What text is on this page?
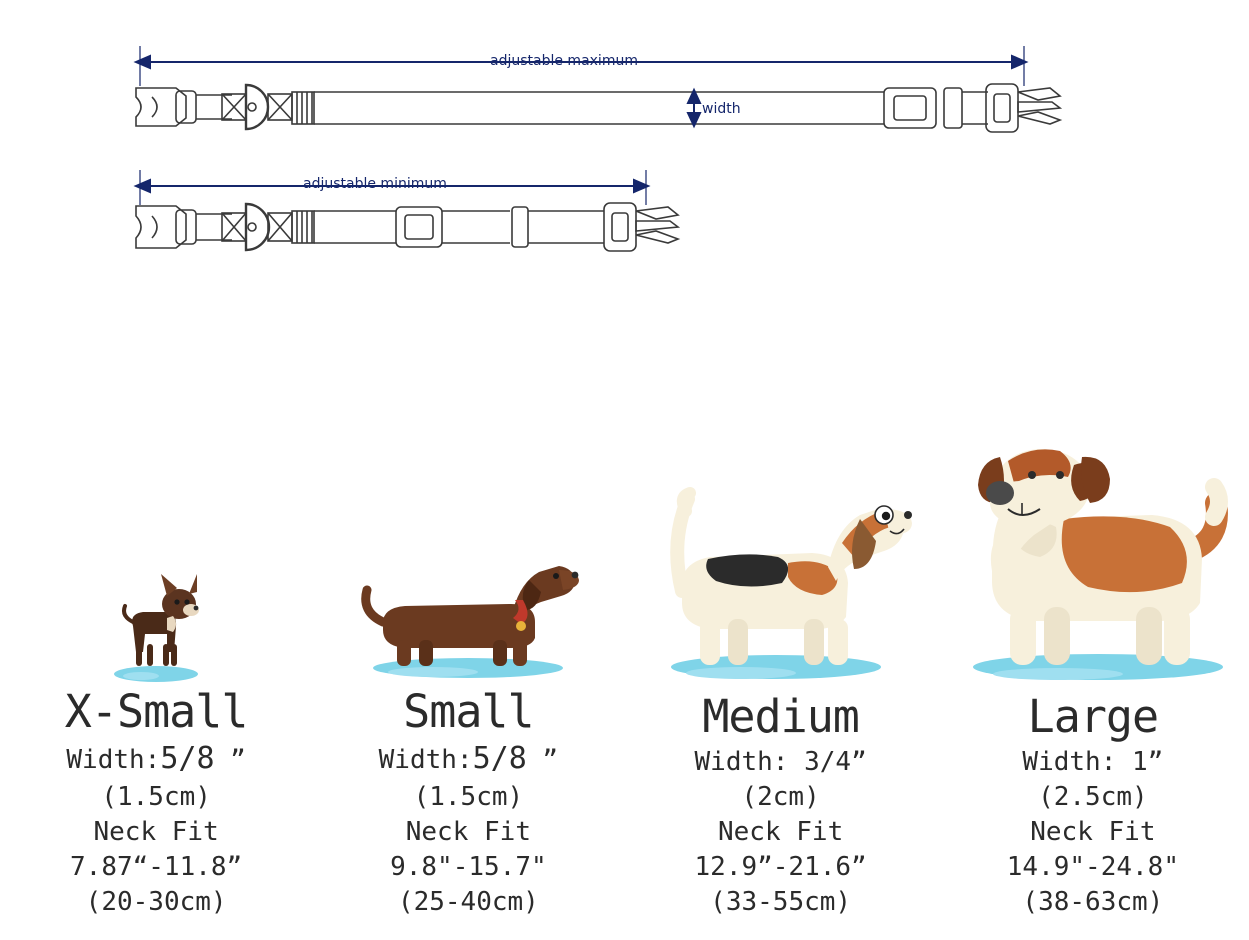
adjustable maximum
adjustable minimum
width
X-Small
Width:5/8 ”
(1.5cm)
Neck Fit
7.87“-11.8”
(20-30cm)
Small
Width:5/8 ”
(1.5cm)
Neck Fit
9.8"-15.7"
(25-40cm)
Medium
Width: 3/4”
(2cm)
Neck Fit
12.9”-21.6”
(33-55cm)
Large
Width: 1”
(2.5cm)
Neck Fit
14.9"-24.8"
(38-63cm)
